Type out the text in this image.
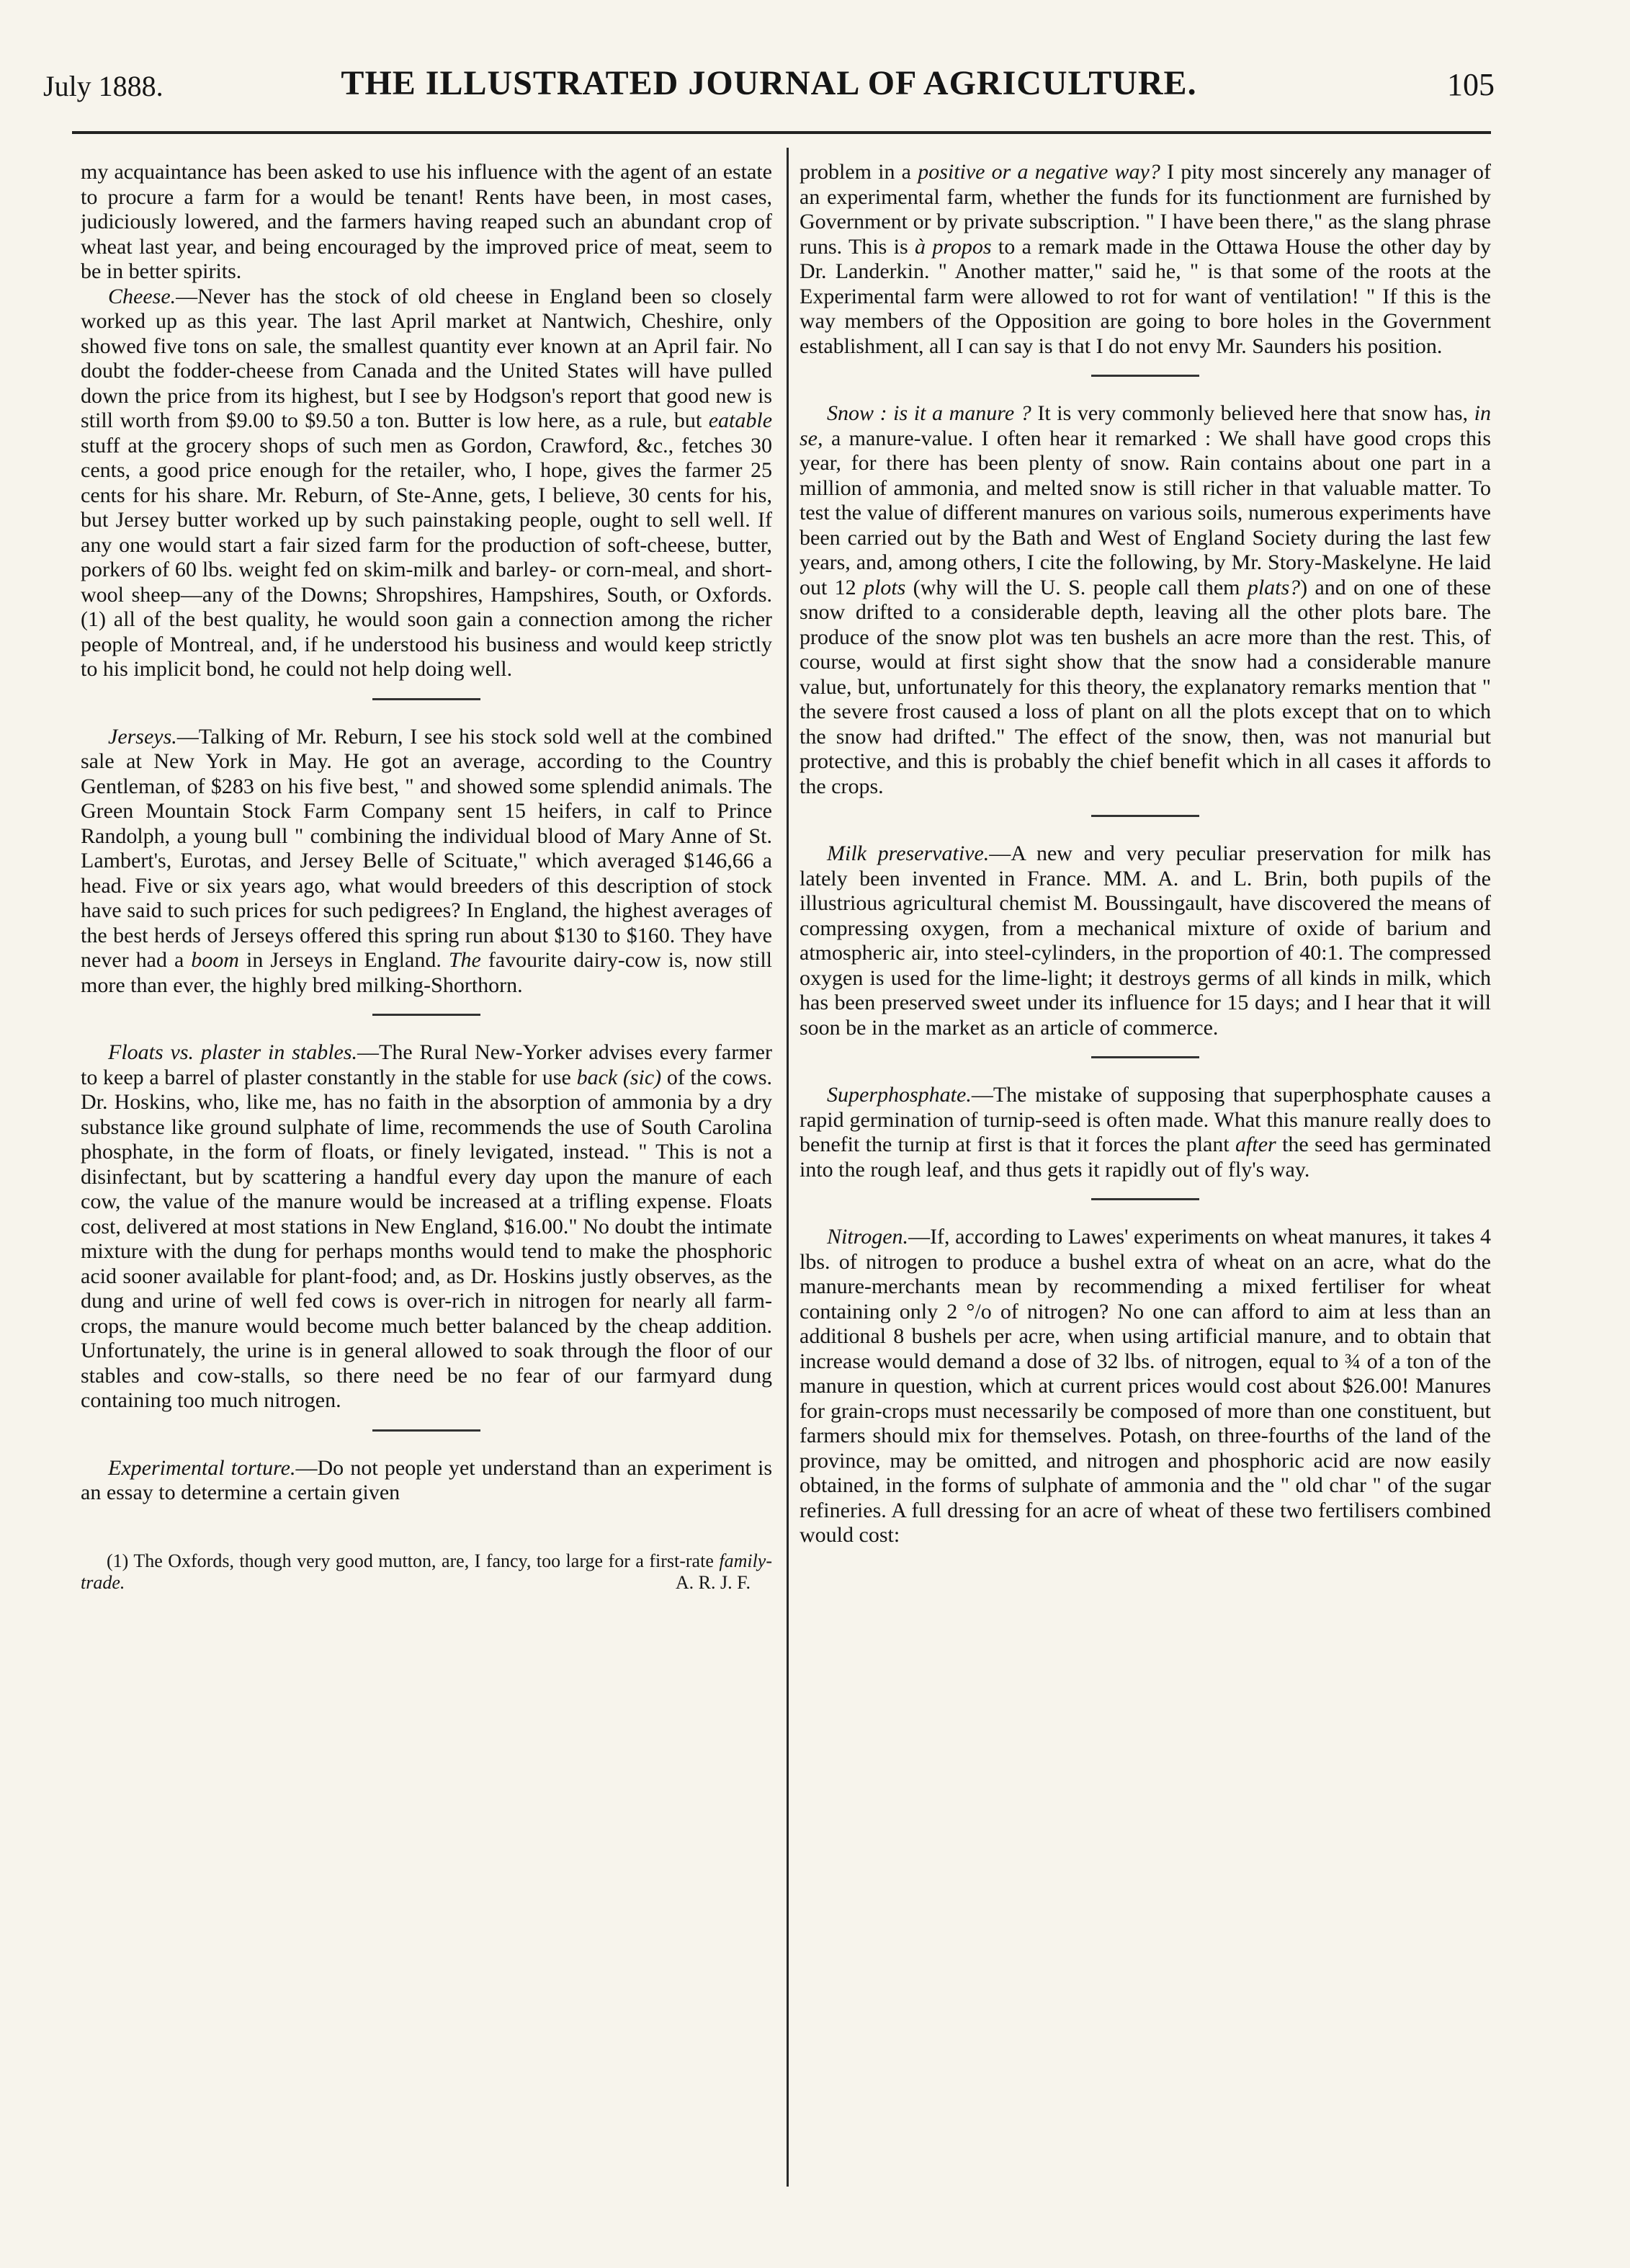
July 1888.	THE ILLUSTRATED JOURNAL OF AGRICULTURE.	105

my acquaintance has been asked to use his influence with the agent of an estate to procure a farm for a would be tenant! Rents have been, in most cases, judiciously lowered, and the farmers having reaped such an abundant crop of wheat last year, and being encouraged by the improved price of meat, seem to be in better spirits.

Cheese.—Never has the stock of old cheese in England been so closely worked up as this year. The last April market at Nantwich, Cheshire, only showed five tons on sale, the smallest quantity ever known at an April fair. No doubt the fodder-cheese from Canada and the United States will have pulled down the price from its highest, but I see by Hodgson's report that good new is still worth from $9.00 to $9.50 a ton. Butter is low here, as a rule, but eatable stuff at the grocery shops of such men as Gordon, Crawford, &c., fetches 30 cents, a good price enough for the retailer, who, I hope, gives the farmer 25 cents for his share. Mr. Reburn, of Ste-Anne, gets, I believe, 30 cents for his, but Jersey butter worked up by such painstaking people, ought to sell well. If any one would start a fair sized farm for the production of soft-cheese, butter, porkers of 60 lbs. weight fed on skim-milk and barley- or corn-meal, and short-wool sheep—any of the Downs; Shropshires, Hampshires, South, or Oxfords. (1) all of the best quality, he would soon gain a connection among the richer people of Montreal, and, if he understood his business and would keep strictly to his implicit bond, he could not help doing well.

Jerseys.—Talking of Mr. Reburn, I see his stock sold well at the combined sale at New York in May. He got an average, according to the Country Gentleman, of $283 on his five best, " and showed some splendid animals. The Green Mountain Stock Farm Company sent 15 heifers, in calf to Prince Randolph, a young bull " combining the individual blood of Mary Anne of St. Lambert's, Eurotas, and Jersey Belle of Scituate," which averaged $146,66 a head. Five or six years ago, what would breeders of this description of stock have said to such prices for such pedigrees? In England, the highest averages of the best herds of Jerseys offered this spring run about $130 to $160. They have never had a boom in Jerseys in England. The favourite dairy-cow is, now still more than ever, the highly bred milking-Shorthorn.

Floats vs. plaster in stables.—The Rural New-Yorker advises every farmer to keep a barrel of plaster constantly in the stable for use back (sic) of the cows. Dr. Hoskins, who, like me, has no faith in the absorption of ammonia by a dry substance like ground sulphate of lime, recommends the use of South Carolina phosphate, in the form of floats, or finely levigated, instead. " This is not a disinfectant, but by scattering a handful every day upon the manure of each cow, the value of the manure would be increased at a trifling expense. Floats cost, delivered at most stations in New England, $16.00." No doubt the intimate mixture with the dung for perhaps months would tend to make the phosphoric acid sooner available for plant-food; and, as Dr. Hoskins justly observes, as the dung and urine of well fed cows is over-rich in nitrogen for nearly all farm-crops, the manure would become much better balanced by the cheap addition. Unfortunately, the urine is in general allowed to soak through the floor of our stables and cow-stalls, so there need be no fear of our farmyard dung containing too much nitrogen.

Experimental torture.—Do not people yet understand than an experiment is an essay to determine a certain given

(1) The Oxfords, though very good mutton, are, I fancy, too large for a first-rate family-trade.	A. R. J. F.

problem in a positive or a negative way? I pity most sincerely any manager of an experimental farm, whether the funds for its functionment are furnished by Government or by private subscription. " I have been there," as the slang phrase runs. This is à propos to a remark made in the Ottawa House the other day by Dr. Landerkin. " Another matter," said he, " is that some of the roots at the Experimental farm were allowed to rot for want of ventilation! " If this is the way members of the Opposition are going to bore holes in the Government establishment, all I can say is that I do not envy Mr. Saunders his position.

Snow : is it a manure ? It is very commonly believed here that snow has, in se, a manure-value. I often hear it remarked : We shall have good crops this year, for there has been plenty of snow. Rain contains about one part in a million of ammonia, and melted snow is still richer in that valuable matter. To test the value of different manures on various soils, numerous experiments have been carried out by the Bath and West of England Society during the last few years, and, among others, I cite the following, by Mr. Story-Maskelyne. He laid out 12 plots (why will the U. S. people call them plats?) and on one of these snow drifted to a considerable depth, leaving all the other plots bare. The produce of the snow plot was ten bushels an acre more than the rest. This, of course, would at first sight show that the snow had a considerable manure value, but, unfortunately for this theory, the explanatory remarks mention that " the severe frost caused a loss of plant on all the plots except that on to which the snow had drifted." The effect of the snow, then, was not manurial but protective, and this is probably the chief benefit which in all cases it affords to the crops.

Milk preservative.—A new and very peculiar preservation for milk has lately been invented in France. MM. A. and L. Brin, both pupils of the illustrious agricultural chemist M. Boussingault, have discovered the means of compressing oxygen, from a mechanical mixture of oxide of barium and atmospheric air, into steel-cylinders, in the proportion of 40:1. The compressed oxygen is used for the lime-light; it destroys germs of all kinds in milk, which has been preserved sweet under its influence for 15 days; and I hear that it will soon be in the market as an article of commerce.

Superphosphate.—The mistake of supposing that superphosphate causes a rapid germination of turnip-seed is often made. What this manure really does to benefit the turnip at first is that it forces the plant after the seed has germinated into the rough leaf, and thus gets it rapidly out of fly's way.

Nitrogen.—If, according to Lawes' experiments on wheat manures, it takes 4 lbs. of nitrogen to produce a bushel extra of wheat on an acre, what do the manure-merchants mean by recommending a mixed fertiliser for wheat containing only 2 °/o of nitrogen? No one can afford to aim at less than an additional 8 bushels per acre, when using artificial manure, and to obtain that increase would demand a dose of 32 lbs. of nitrogen, equal to ¾ of a ton of the manure in question, which at current prices would cost about $26.00! Manures for grain-crops must necessarily be composed of more than one constituent, but farmers should mix for themselves. Potash, on three-fourths of the land of the province, may be omitted, and nitrogen and phosphoric acid are now easily obtained, in the forms of sulphate of ammonia and the " old char " of the sugar refineries. A full dressing for an acre of wheat of these two fertilisers combined would cost:
